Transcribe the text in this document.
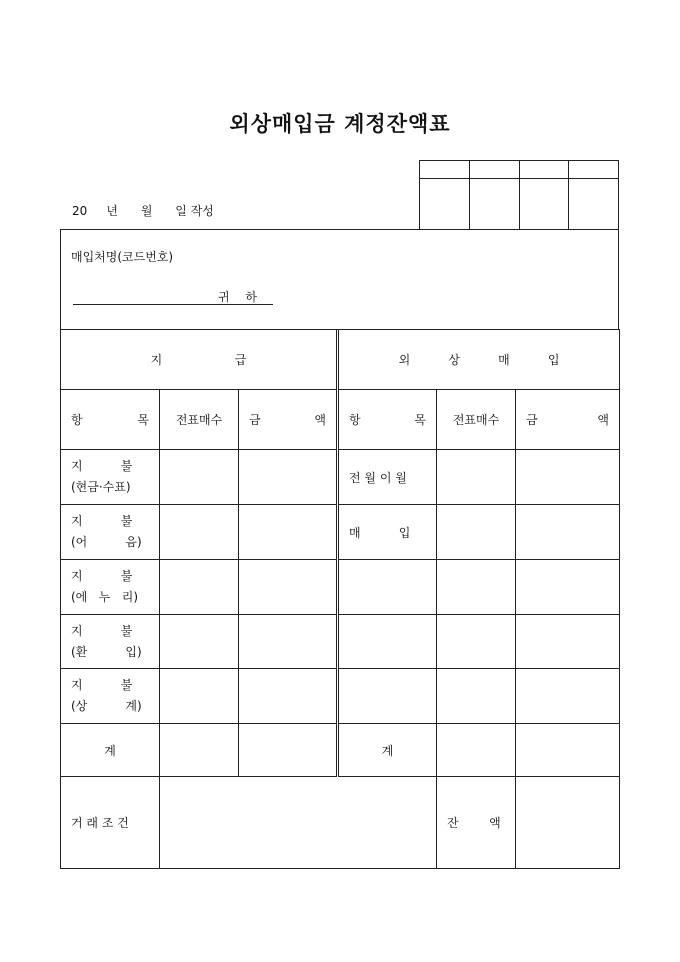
외상매입금 계정잔액표

20     년      월      일 작성
매입처명(코드번호)
귀 하
지                   급			외          상          매          입		

항 목	전표매수	금 액	항 목	전표매수	금 액

지          불
(현금·수표)			전 월 이 월		

지          불
(어          음)			매          입		

지          불
(에   누   리)					

지          불
(환          입)					

지          불
(상          계)					

계			계		
거 래 조 건				잔        액	
